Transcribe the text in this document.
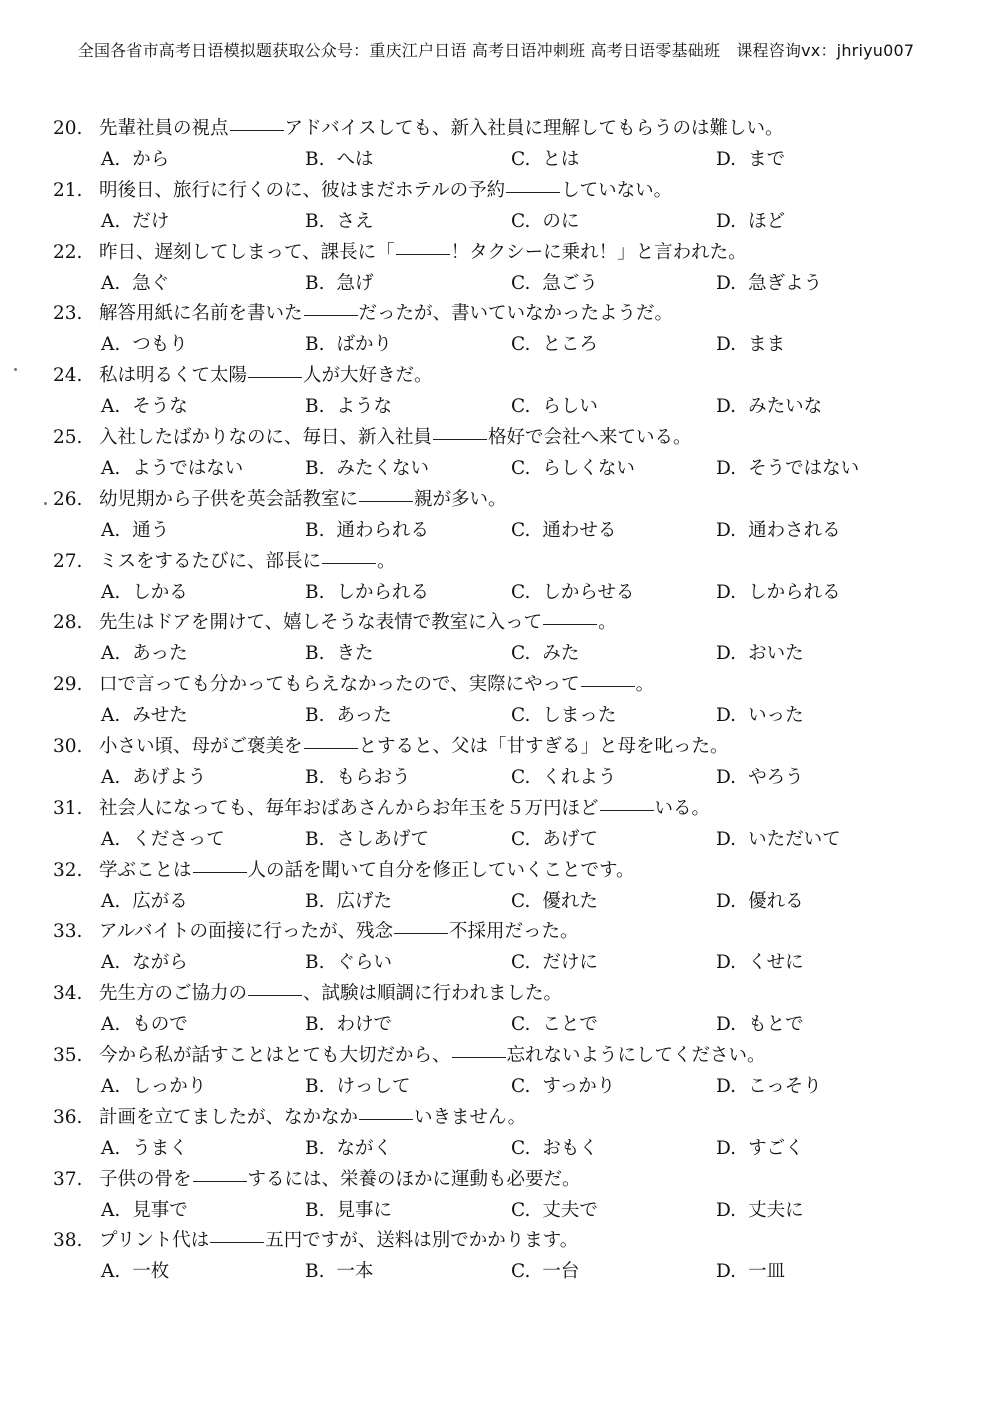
全国各省市高考日语模拟题获取公众号：重庆江户日语 高考日语冲刺班 高考日语零基础班　课程咨询vx：jhriyu007
20. 先輩社員の視点	アドバイスしても、新入社員に理解してもらうのは難しい。
A. から	B. へは	C. とは	D. まで
21. 明後日、旅行に行くのに、彼はまだホテルの予約	していない。
A. だけ	B. さえ	C. のに	D. ほど
22. 昨日、遅刻してしまって、課長に「	！タクシーに乗れ！」と言われた。
A. 急ぐ	B. 急げ	C. 急ごう	D. 急ぎよう
23. 解答用紙に名前を書いた	だったが、書いていなかったようだ。
A. つもり	B. ばかり	C. ところ	D. まま
24. 私は明るくて太陽	人が大好きだ。
A. そうな	B. ような	C. らしい	D. みたいな
25. 入社したばかりなのに、毎日、新入社員	格好で会社へ来ている。
A. ようではない	B. みたくない	C. らしくない	D. そうではない
26. 幼児期から子供を英会話教室に	親が多い。
A. 通う	B. 通わられる	C. 通わせる	D. 通わされる
27. ミスをするたびに、部長に	。
A. しかる	B. しかられる	C. しからせる	D. しかられる
28. 先生はドアを開けて、嬉しそうな表情で教室に入って	。
A. あった	B. きた	C. みた	D. おいた
29. 口で言っても分かってもらえなかったので、実際にやって	。
A. みせた	B. あった	C. しまった	D. いった
30. 小さい頃、母がご褒美を	とすると、父は「甘すぎる」と母を叱った。
A. あげよう	B. もらおう	C. くれよう	D. やろう
31. 社会人になっても、毎年おばあさんからお年玉を５万円ほど	いる。
A. くださって	B. さしあげて	C. あげて	D. いただいて
32. 学ぶことは	人の話を聞いて自分を修正していくことです。
A. 広がる	B. 広げた	C. 優れた	D. 優れる
33. アルバイトの面接に行ったが、残念	不採用だった。
A. ながら	B. ぐらい	C. だけに	D. くせに
34. 先生方のご協力の	、試験は順調に行われました。
A. もので	B. わけで	C. ことで	D. もとで
35. 今から私が話すことはとても大切だから、	忘れないようにしてください。
A. しっかり	B. けっして	C. すっかり	D. こっそり
36. 計画を立てましたが、なかなか	いきません。
A. うまく	B. ながく	C. おもく	D. すごく
37. 子供の骨を	するには、栄養のほかに運動も必要だ。
A. 見事で	B. 見事に	C. 丈夫で	D. 丈夫に
38. プリント代は	五円ですが、送料は別でかかります。
A. 一枚	B. 一本	C. 一台	D. 一皿
